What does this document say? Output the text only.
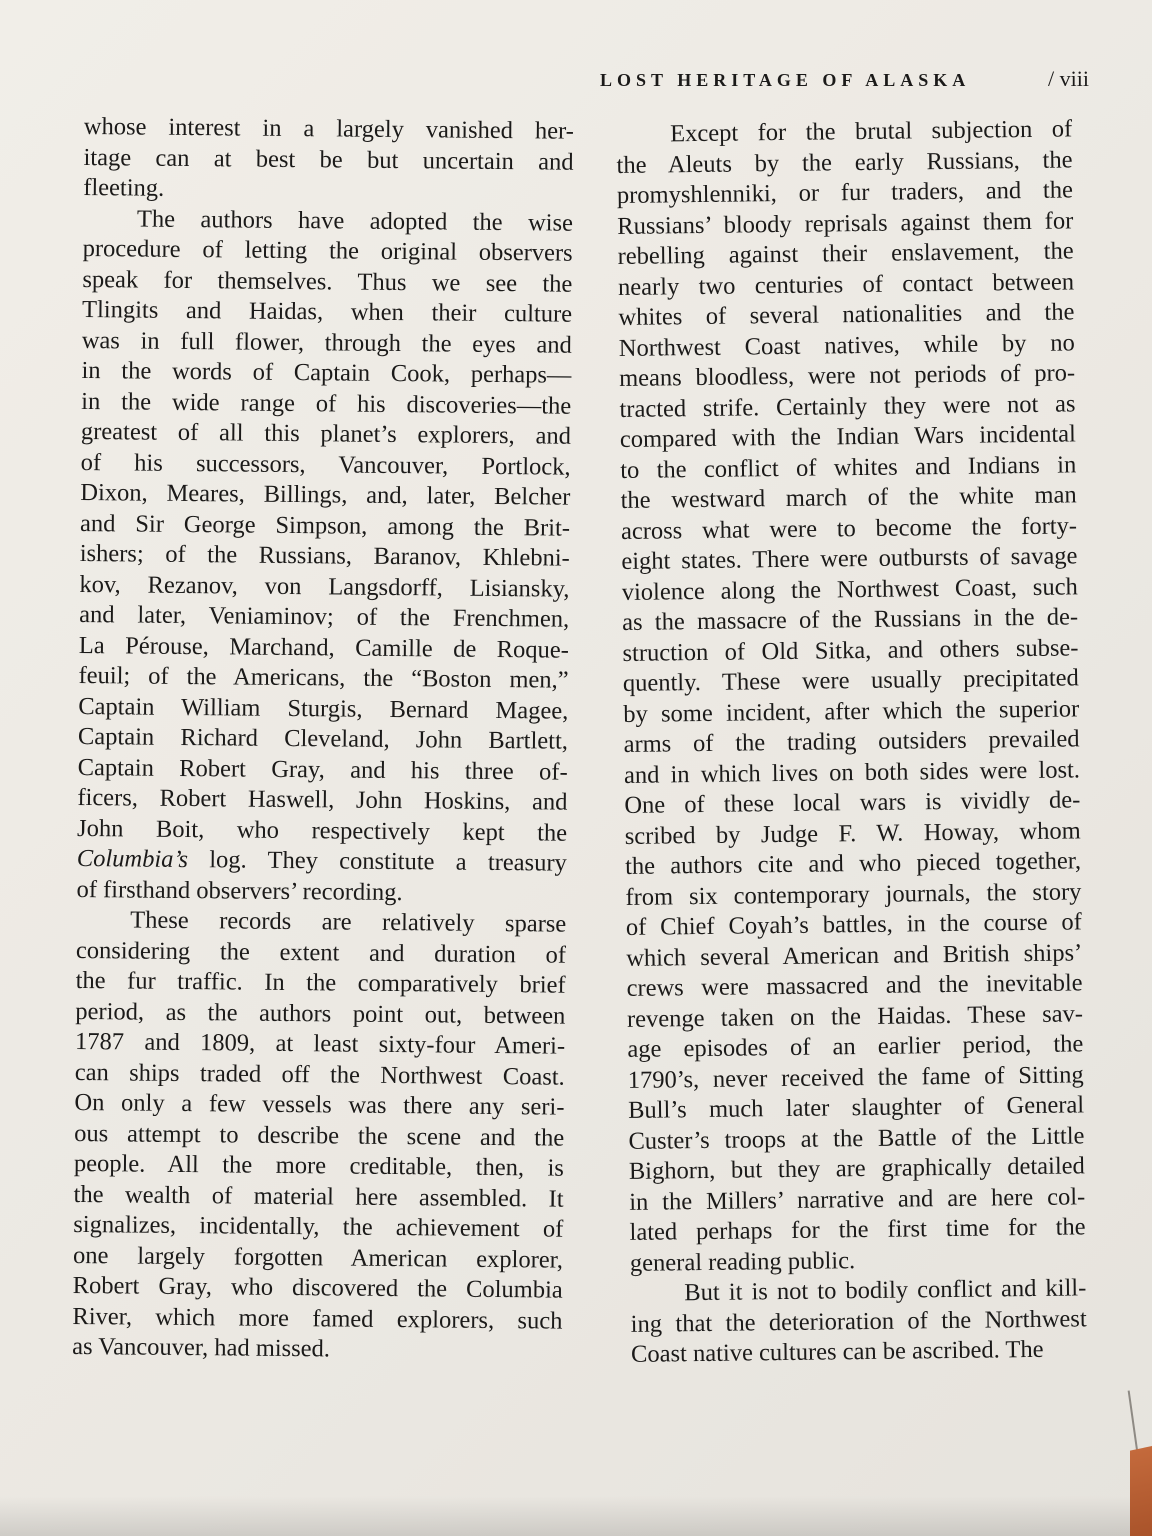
LOST HERITAGE OF ALASKA	/ viii
whose interest in a largely vanished her-
itage can at best be but uncertain and
fleeting.
The authors have adopted the wise
procedure of letting the original observers
speak for themselves. Thus we see the
Tlingits and Haidas, when their culture
was in full flower, through the eyes and
in the words of Captain Cook, perhaps—
in the wide range of his discoveries—the
greatest of all this planet’s explorers, and
of his successors, Vancouver, Portlock,
Dixon, Meares, Billings, and, later, Belcher
and Sir George Simpson, among the Brit-
ishers; of the Russians, Baranov, Khlebni-
kov, Rezanov, von Langsdorff, Lisiansky,
and later, Veniaminov; of the Frenchmen,
La Pérouse, Marchand, Camille de Roque-
feuil; of the Americans, the “Boston men,”
Captain William Sturgis, Bernard Magee,
Captain Richard Cleveland, John Bartlett,
Captain Robert Gray, and his three of-
ficers, Robert Haswell, John Hoskins, and
John Boit, who respectively kept the
Columbia’s log. They constitute a treasury
of firsthand observers’ recording.
These records are relatively sparse
considering the extent and duration of
the fur traffic. In the comparatively brief
period, as the authors point out, between
1787 and 1809, at least sixty-four Ameri-
can ships traded off the Northwest Coast.
On only a few vessels was there any seri-
ous attempt to describe the scene and the
people. All the more creditable, then, is
the wealth of material here assembled. It
signalizes, incidentally, the achievement of
one largely forgotten American explorer,
Robert Gray, who discovered the Columbia
River, which more famed explorers, such
as Vancouver, had missed.
Except for the brutal subjection of
the Aleuts by the early Russians, the
promyshlenniki, or fur traders, and the
Russians’ bloody reprisals against them for
rebelling against their enslavement, the
nearly two centuries of contact between
whites of several nationalities and the
Northwest Coast natives, while by no
means bloodless, were not periods of pro-
tracted strife. Certainly they were not as
compared with the Indian Wars incidental
to the conflict of whites and Indians in
the westward march of the white man
across what were to become the forty-
eight states. There were outbursts of savage
violence along the Northwest Coast, such
as the massacre of the Russians in the de-
struction of Old Sitka, and others subse-
quently. These were usually precipitated
by some incident, after which the superior
arms of the trading outsiders prevailed
and in which lives on both sides were lost.
One of these local wars is vividly de-
scribed by Judge F. W. Howay, whom
the authors cite and who pieced together,
from six contemporary journals, the story
of Chief Coyah’s battles, in the course of
which several American and British ships’
crews were massacred and the inevitable
revenge taken on the Haidas. These sav-
age episodes of an earlier period, the
1790’s, never received the fame of Sitting
Bull’s much later slaughter of General
Custer’s troops at the Battle of the Little
Bighorn, but they are graphically detailed
in the Millers’ narrative and are here col-
lated perhaps for the first time for the
general reading public.
But it is not to bodily conflict and kill-
ing that the deterioration of the Northwest
Coast native cultures can be ascribed. The
